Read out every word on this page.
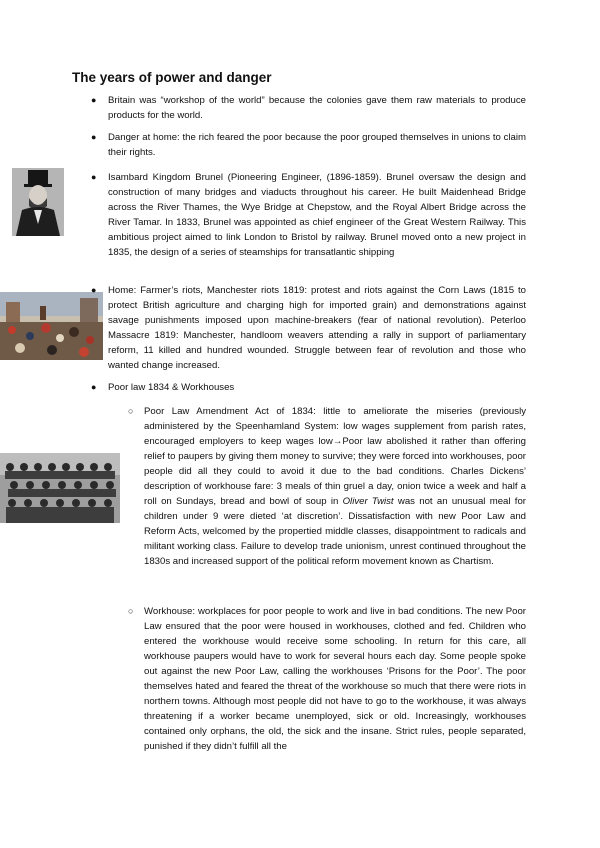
The years of power and danger
● Britain was “workshop of the world” because the colonies gave them raw materials to produce products for the world.

● Danger at home: the rich feared the poor because the poor grouped themselves in unions to claim their rights.

● Isambard Kingdom Brunel (Pioneering Engineer, (1896-1859). Brunel oversaw the design and construction of many bridges and viaducts throughout his career. He built Maidenhead Bridge across the River Thames, the Wye Bridge at Chepstow, and the Royal Albert Bridge across the River Tamar. In 1833, Brunel was appointed as chief engineer of the Great Western Railway. This ambitious project aimed to link London to Bristol by railway. Brunel moved onto a new project in 1835, the design of a series of steamships for transatlantic shipping

● Home: Farmer’s riots, Manchester riots 1819: protest and riots against the Corn Laws (1815 to protect British agriculture and charging high for imported grain) and demonstrations against savage punishments imposed upon machine-breakers (fear of national revolution). Peterloo Massacre 1819: Manchester, handloom weavers attending a rally in support of parliamentary reform, 11 killed and hundred wounded. Struggle between fear of revolution and those who wanted change increased.

● Poor law 1834 & Workhouses

○ Poor Law Amendment Act of 1834: little to ameliorate the miseries (previously administered by the Speenhamland System: low wages supplement from parish rates, encouraged employers to keep wages low→Poor law abolished it rather than offering relief to paupers by giving them money to survive; they were forced into workhouses, poor people did all they could to avoid it due to the bad conditions. Charles Dickens’ description of workhouse fare: 3 meals of thin gruel a day, onion twice a week and half a roll on Sundays, bread and bowl of soup in Oliver Twist was not an unusual meal for children under 9 were dieted ‘at discretion’. Dissatisfaction with new Poor Law and Reform Acts, welcomed by the propertied middle classes, disappointment to radicals and militant working class. Failure to develop trade unionism, unrest continued throughout the 1830s and increased support of the political reform movement known as Chartism.

○ Workhouse: workplaces for poor people to work and live in bad conditions. The new Poor Law ensured that the poor were housed in workhouses, clothed and fed. Children who entered the workhouse would receive some schooling. In return for this care, all workhouse paupers would have to work for several hours each day. Some people spoke out against the new Poor Law, calling the workhouses ‘Prisons for the Poor’. The poor themselves hated and feared the threat of the workhouse so much that there were riots in northern towns. Although most people did not have to go to the workhouse, it was always threatening if a worker became unemployed, sick or old. Increasingly, workhouses contained only orphans, the old, the sick and the insane. Strict rules, people separated, punished if they didn’t fulfill all the
